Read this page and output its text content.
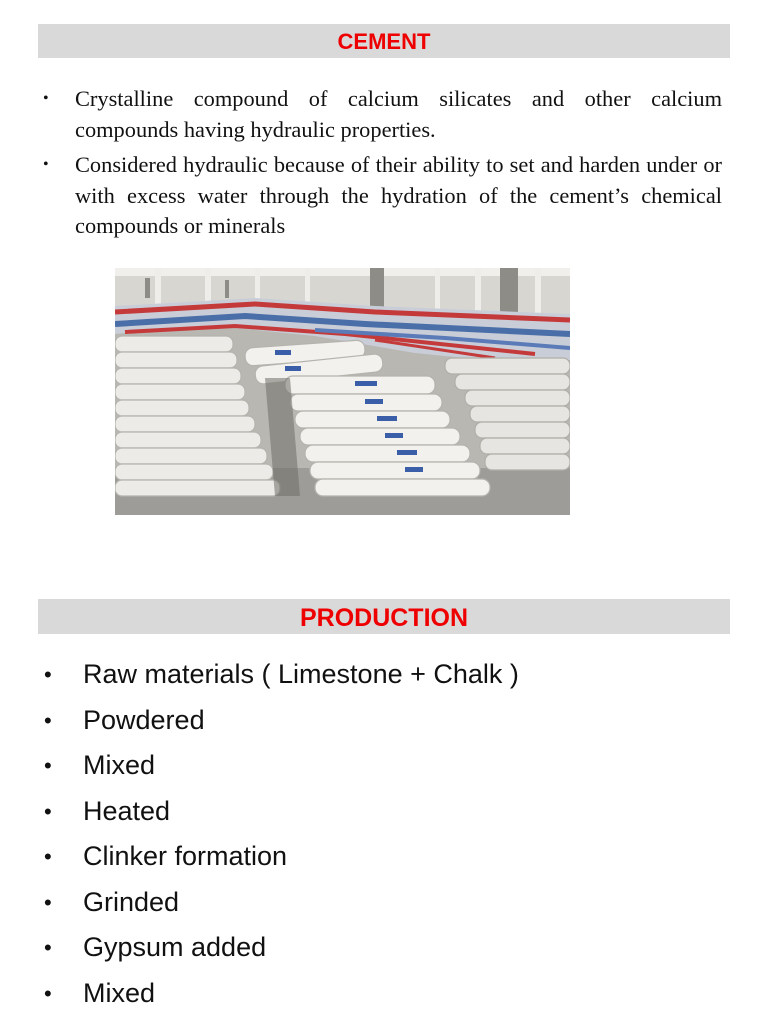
CEMENT
• Crystalline compound of calcium silicates and other calcium compounds having hydraulic properties.
• Considered hydraulic because of their ability to set and harden under or with excess water through the hydration of the cement’s chemical compounds or minerals
PRODUCTION
• Raw materials ( Limestone + Chalk )
• Powdered
• Mixed
• Heated
• Clinker formation
• Grinded
• Gypsum added
• Mixed
